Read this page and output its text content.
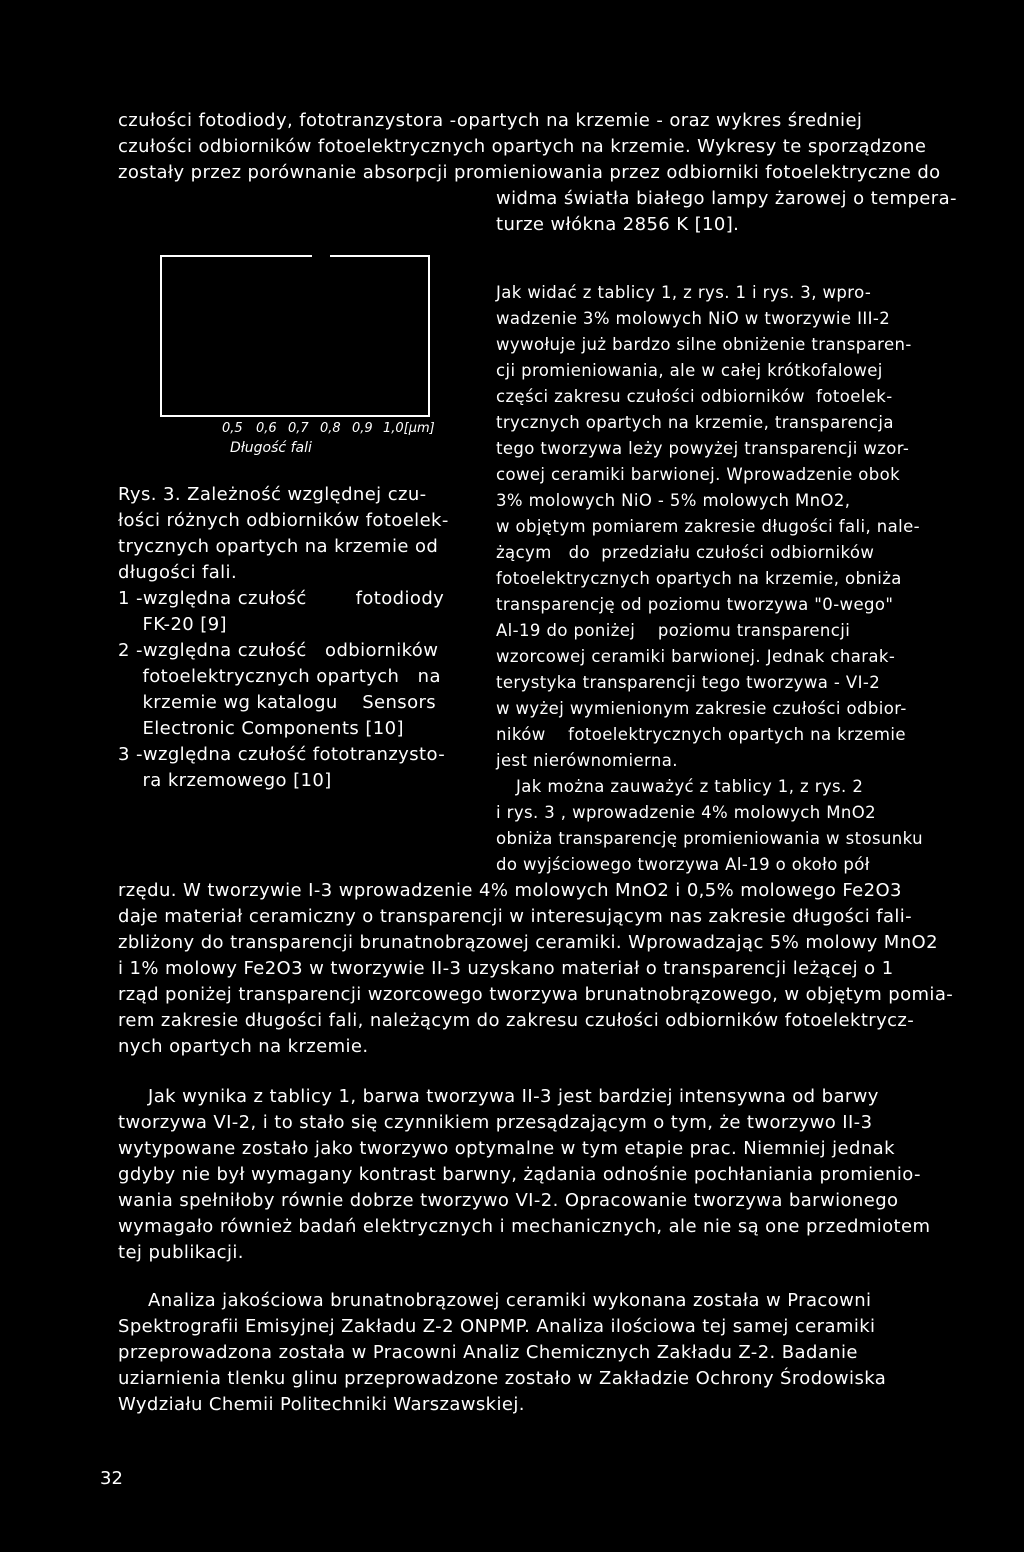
czułości fotodiody, fototranzystora -opartych na krzemie - oraz wykres średniej
czułości odbiorników fotoelektrycznych opartych na krzemie. Wykresy te sporządzone
zostały przez porównanie absorpcji promieniowania przez odbiorniki fotoelektryczne do
widma światła białego lampy żarowej o tempera-
turze włókna 2856 K [10].
0,5 0,6 0,7 0,8 0,9 1,0[μm]
Długość fali
Rys. 3. Zależność względnej czu-
łości różnych odbiorników fotoelek-
trycznych opartych na krzemie od
długości fali.
1 -względna czułość        fotodiody
FK-20 [9]
2 -względna czułość   odbiorników
fotoelektrycznych opartych   na
krzemie wg katalogu    Sensors
Electronic Components [10]
3 -względna czułość fototranzysto-
ra krzemowego [10]
Jak widać z tablicy 1, z rys. 1 i rys. 3, wpro-
wadzenie 3% molowych NiO w tworzywie III-2
wywołuje już bardzo silne obniżenie transparen-
cji promieniowania, ale w całej krótkofalowej
części zakresu czułości odbiorników  fotoelek-
trycznych opartych na krzemie, transparencja
tego tworzywa leży powyżej transparencji wzor-
cowej ceramiki barwionej. Wprowadzenie obok
3% molowych NiO - 5% molowych MnO2,
w objętym pomiarem zakresie długości fali, nale-
żącym   do  przedziału czułości odbiorników
fotoelektrycznych opartych na krzemie, obniża
transparencję od poziomu tworzywa "0-wego"
Al-19 do poniżej    poziomu transparencji
wzorcowej ceramiki barwionej. Jednak charak-
terystyka transparencji tego tworzywa - VI-2
w wyżej wymienionym zakresie czułości odbior-
ników    fotoelektrycznych opartych na krzemie
jest nierównomierna.
Jak można zauważyć z tablicy 1, z rys. 2
i rys. 3 , wprowadzenie 4% molowych MnO2
obniża transparencję promieniowania w stosunku
do wyjściowego tworzywa Al-19 o około pół
rzędu. W tworzywie I-3 wprowadzenie 4% molowych MnO2 i 0,5% molowego Fe2O3
daje materiał ceramiczny o transparencji w interesującym nas zakresie długości fali-
zbliżony do transparencji brunatnobrązowej ceramiki. Wprowadzając 5% molowy MnO2
i 1% molowy Fe2O3 w tworzywie II-3 uzyskano materiał o transparencji leżącej o 1
rząd poniżej transparencji wzorcowego tworzywa brunatnobrązowego, w objętym pomia-
rem zakresie długości fali, należącym do zakresu czułości odbiorników fotoelektrycz-
nych opartych na krzemie.
Jak wynika z tablicy 1, barwa tworzywa II-3 jest bardziej intensywna od barwy
tworzywa VI-2, i to stało się czynnikiem przesądzającym o tym, że tworzywo II-3
wytypowane zostało jako tworzywo optymalne w tym etapie prac. Niemniej jednak
gdyby nie był wymagany kontrast barwny, żądania odnośnie pochłaniania promienio-
wania spełniłoby równie dobrze tworzywo VI-2. Opracowanie tworzywa barwionego
wymagało również badań elektrycznych i mechanicznych, ale nie są one przedmiotem
tej publikacji.
Analiza jakościowa brunatnobrązowej ceramiki wykonana została w Pracowni
Spektrografii Emisyjnej Zakładu Z-2 ONPMP. Analiza ilościowa tej samej ceramiki
przeprowadzona została w Pracowni Analiz Chemicznych Zakładu Z-2. Badanie
uziarnienia tlenku glinu przeprowadzone zostało w Zakładzie Ochrony Środowiska
Wydziału Chemii Politechniki Warszawskiej.
32
